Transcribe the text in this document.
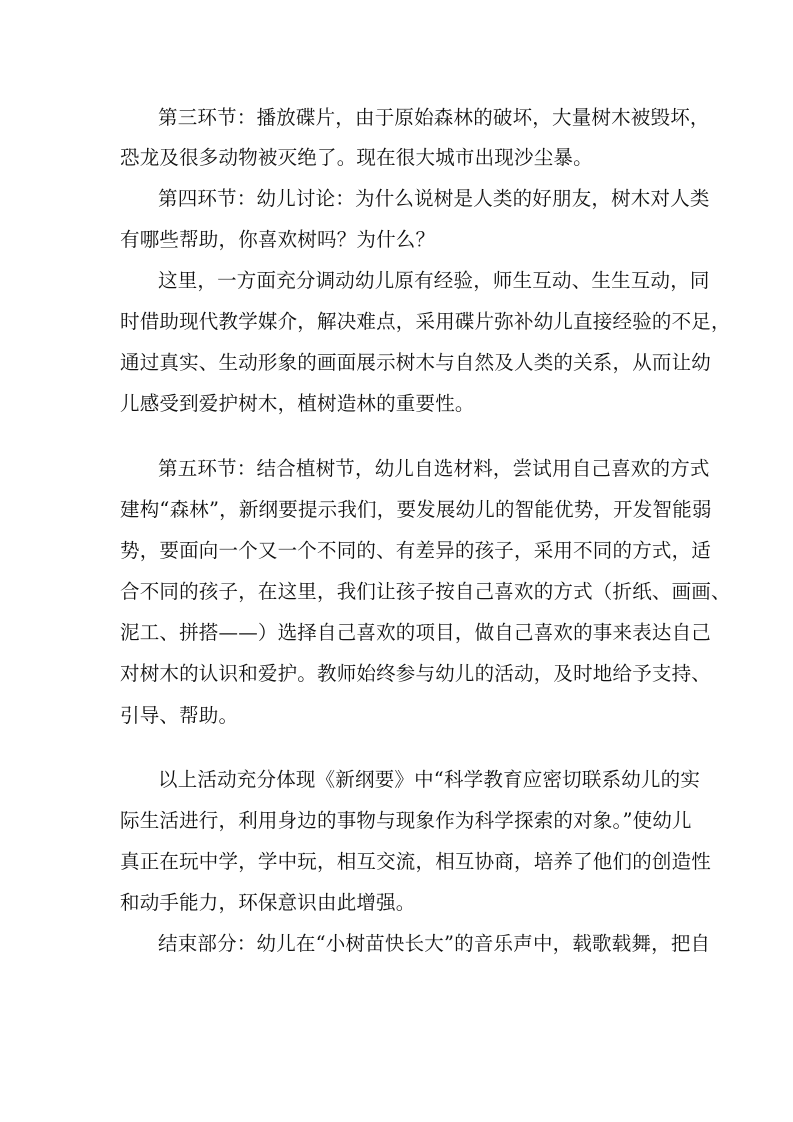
第三环节：播放碟片，由于原始森林的破坏，大量树木被毁坏，
恐龙及很多动物被灭绝了。现在很大城市出现沙尘暴。
第四环节：幼儿讨论：为什么说树是人类的好朋友，树木对人类
有哪些帮助，你喜欢树吗？为什么？
这里，一方面充分调动幼儿原有经验，师生互动、生生互动，同
时借助现代教学媒介，解决难点，采用碟片弥补幼儿直接经验的不足，
通过真实、生动形象的画面展示树木与自然及人类的关系，从而让幼
儿感受到爱护树木，植树造林的重要性。
第五环节：结合植树节，幼儿自选材料，尝试用自己喜欢的方式
建构“森林”，新纲要提示我们，要发展幼儿的智能优势，开发智能弱
势，要面向一个又一个不同的、有差异的孩子，采用不同的方式，适
合不同的孩子，在这里，我们让孩子按自己喜欢的方式（折纸、画画、
泥工、拼搭——）选择自己喜欢的项目，做自己喜欢的事来表达自己
对树木的认识和爱护。教师始终参与幼儿的活动，及时地给予支持、
引导、帮助。
以上活动充分体现《新纲要》中“科学教育应密切联系幼儿的实
际生活进行，利用身边的事物与现象作为科学探索的对象。”使幼儿
真正在玩中学，学中玩，相互交流，相互协商，培养了他们的创造性
和动手能力，环保意识由此增强。
结束部分：幼儿在“小树苗快长大”的音乐声中，载歌载舞，把自
